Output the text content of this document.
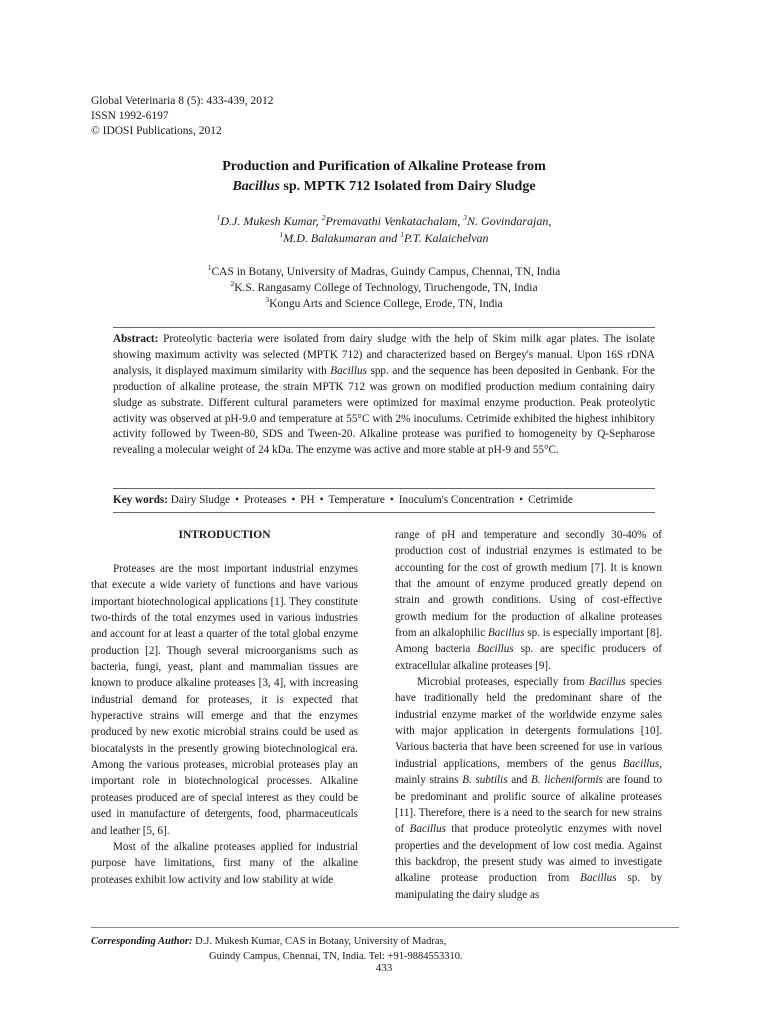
Global Veterinaria 8 (5): 433-439, 2012
ISSN 1992-6197
© IDOSI Publications, 2012
Production and Purification of Alkaline Protease from
Bacillus sp. MPTK 712 Isolated from Dairy Sludge
$^1$D.J. Mukesh Kumar, $^2$Premavathi Venkatachalam, $^3$N. Govindarajan,
$^1$M.D. Balakumaran and $^1$P.T. Kalaichelvan
$^1$CAS in Botany, University of Madras, Guindy Campus, Chennai, TN, India
$^2$K.S. Rangasamy College of Technology, Tiruchengode, TN, India
$^3$Kongu Arts and Science College, Erode, TN, India
Abstract: Proteolytic bacteria were isolated from dairy sludge with the help of Skim milk agar plates. The isolate showing maximum activity was selected (MPTK 712) and characterized based on Bergey's manual. Upon 16S rDNA analysis, it displayed maximum similarity with Bacillus spp. and the sequence has been deposited in Genbank. For the production of alkaline protease, the strain MPTK 712 was grown on modified production medium containing dairy sludge as substrate. Different cultural parameters were optimized for maximal enzyme production. Peak proteolytic activity was observed at pH-9.0 and temperature at 55°C with 2% inoculums. Cetrimide exhibited the highest inhibitory activity followed by Tween-80, SDS and Tween-20. Alkaline protease was purified to homogeneity by Q-Sepharose revealing a molecular weight of 24 kDa. The enzyme was active and more stable at pH-9 and 55°C.
Key words: Dairy Sludge • Proteases • PH • Temperature • Inoculum's Concentration • Cetrimide
INTRODUCTION

Proteases are the most important industrial enzymes that execute a wide variety of functions and have various important biotechnological applications [1]. They constitute two-thirds of the total enzymes used in various industries and account for at least a quarter of the total global enzyme production [2]. Though several microorganisms such as bacteria, fungi, yeast, plant and mammalian tissues are known to produce alkaline proteases [3, 4], with increasing industrial demand for proteases, it is expected that hyperactive strains will emerge and that the enzymes produced by new exotic microbial strains could be used as biocatalysts in the presently growing biotechnological era. Among the various proteases, microbial proteases play an important role in biotechnological processes. Alkaline proteases produced are of special interest as they could be used in manufacture of detergents, food, pharmaceuticals and leather [5, 6].

Most of the alkaline proteases applied for industrial purpose have limitations, first many of the alkaline proteases exhibit low activity and low stability at wide

range of pH and temperature and secondly 30-40% of production cost of industrial enzymes is estimated to be accounting for the cost of growth medium [7]. It is known that the amount of enzyme produced greatly depend on strain and growth conditions. Using of cost-effective growth medium for the production of alkaline proteases from an alkalophilic Bacillus sp. is especially important [8]. Among bacteria Bacillus sp. are specific producers of extracellular alkaline proteases [9].

Microbial proteases, especially from Bacillus species have traditionally held the predominant share of the industrial enzyme market of the worldwide enzyme sales with major application in detergents formulations [10]. Various bacteria that have been screened for use in various industrial applications, members of the genus Bacillus, mainly strains B. subtilis and B. licheniformis are found to be predominant and prolific source of alkaline proteases [11]. Therefore, there is a need to the search for new strains of Bacillus that produce proteolytic enzymes with novel properties and the development of low cost media. Against this backdrop, the present study was aimed to investigate alkaline protease production from Bacillus sp. by manipulating the dairy sludge as

Corresponding Author: D.J. Mukesh Kumar, CAS in Botany, University of Madras,
Guindy Campus, Chennai, TN, India. Tel: +91-9884553310.
433
